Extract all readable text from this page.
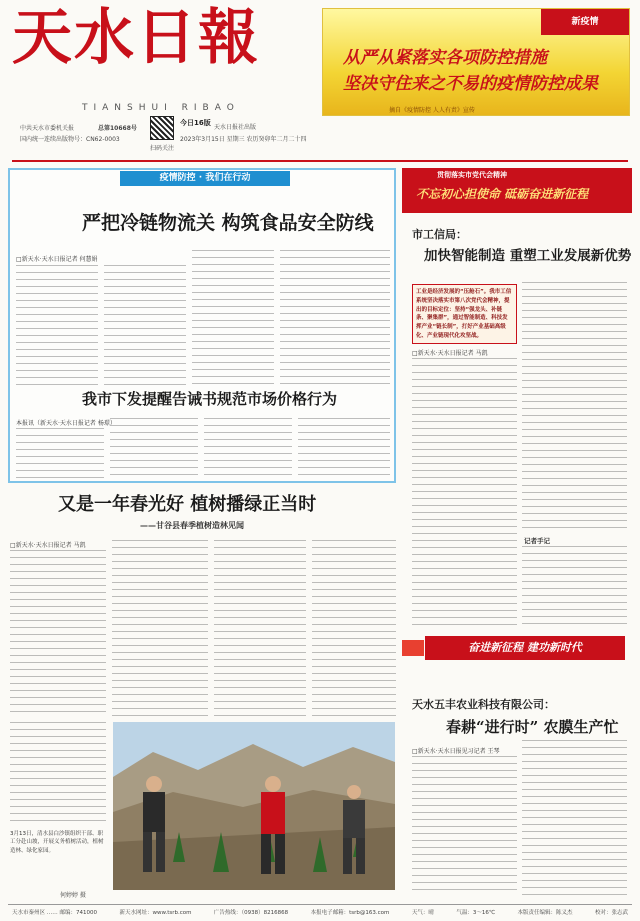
天水日報
TIANSHUI RIBAO
中共天水市委机关报
国内统一连续出版物号：CN62-0003
总第10668号
扫码关注
今日16版
天水日报社出版
2023年3月15日 星期三 农历癸卯年二月二十四
新疫情
从严从紧落实各项防控措施
坚决守住来之不易的疫情防控成果
摘自《疫情防控 人人有责》宣传
疫情防控 · 我们在行动
严把冷链物流关 构筑食品安全防线
□新天水·天水日报记者 何慧娟
我市下发提醒告诫书规范市场价格行为
本报讯（新天水·天水日报记者 杨璟）
又是一年春光好 植树播绿正当时
——甘谷县春季植树造林见闻
□新天水·天水日报记者 马凯
3月13日，清水县白沙镇组织干部、职工分赴山坡，开展义务植树活动，植树造林、绿化家园。
何婷婷 摄
贯彻落实市党代会精神
不忘初心担使命 砥砺奋进新征程
市工信局：
加快智能制造 重塑工业发展新优势
工业是经济发展的“压舱石”。我市工信系统坚决落实市第八次党代会精神，提出的目标定位：坚持“强龙头、补链条、聚集群”，通过智能制造、科技发挥产业“链长制”，打好产业基础高级化、产业链现代化攻坚战。
□新天水·天水日报记者 马凯
记者手记
天水五丰农业科技有限公司：
春耕“进行时” 农膜生产忙
□新天水·天水日报见习记者 王琴
奋进新征程 建功新时代
天水市秦州区 …… 邮编：741000	新天水网址：www.tsrb.com	广告热线：（0938）8216868	本报电子邮箱：tsrb@163.com	天气：晴	气温：3～16℃	本版责任编辑：陈义杰	校对：张志武
